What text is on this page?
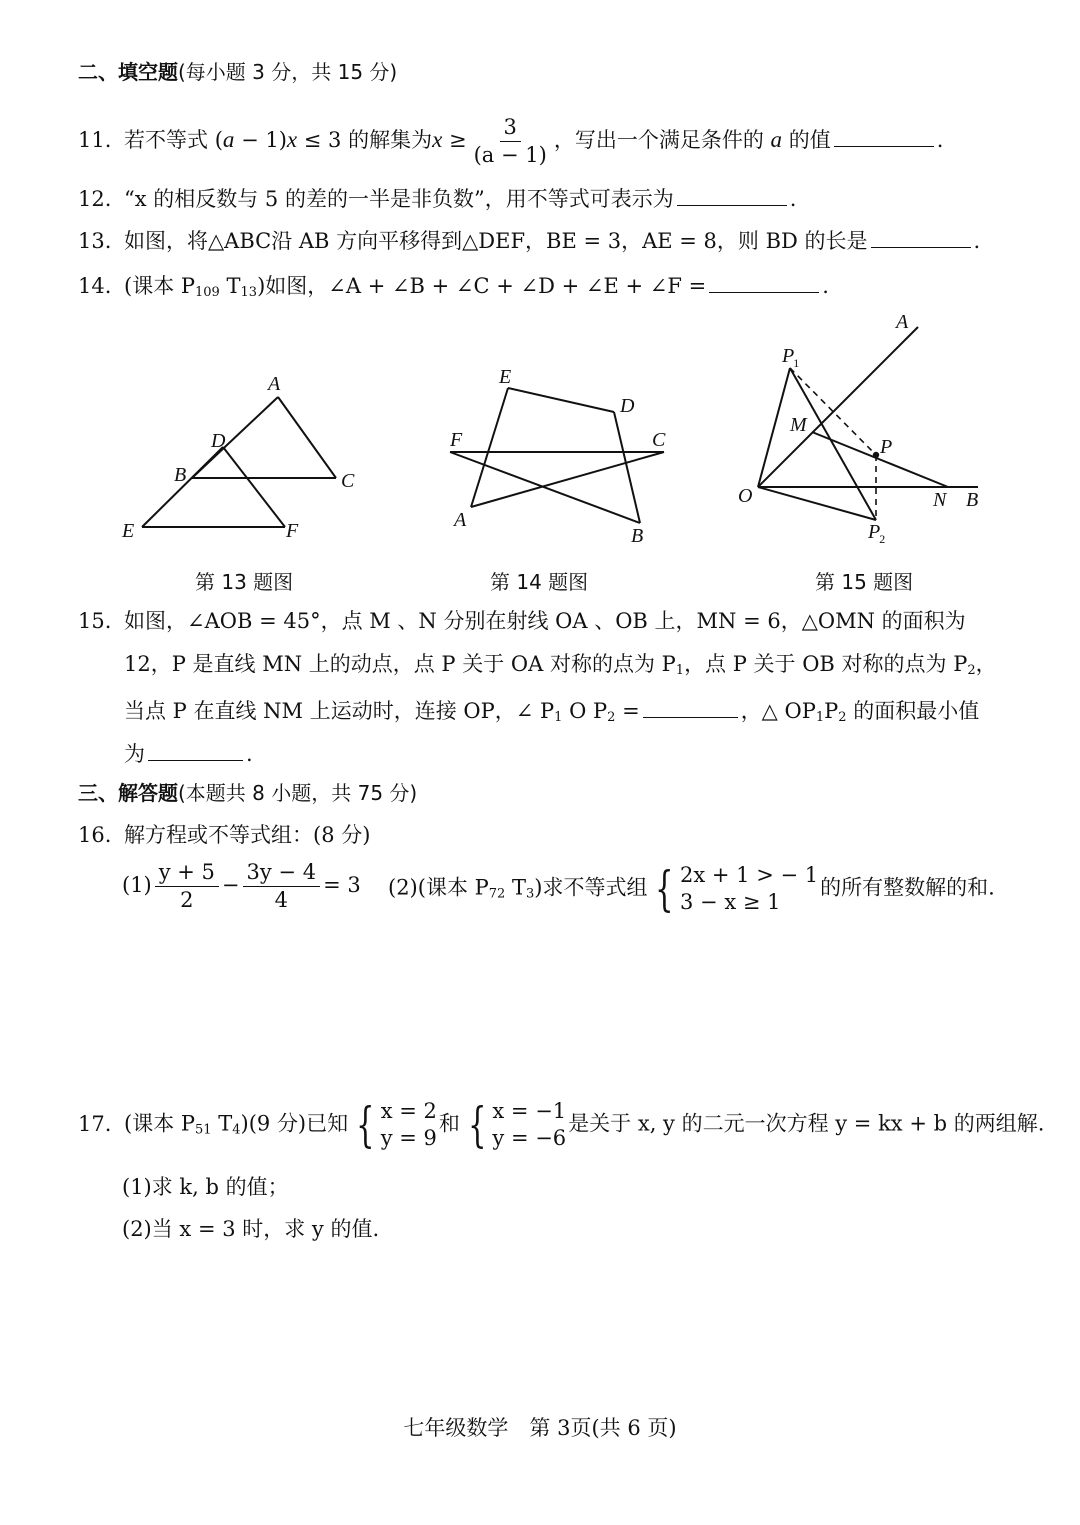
二、填空题(每小题 3 分，共 15 分)
11. 若不等式 (a − 1)x ≤ 3 的解集为$x \ge \frac{3}{(a - 1)}$ ，写出一个满足条件的 a 的值	.
12. “x 的相反数与 5 的差的一半是非负数”，用不等式可表示为	.
13. 如图，将△ABC沿 AB 方向平移得到△DEF，BE = 3，AE = 8，则 BD 的长是	.
14. (课本 $P_{109}$ $T_{13}$)如图，∠A + ∠B + ∠C + ∠D + ∠E + ∠F =	.
A
D
B	C
E	F
第 13 题图
E
D
F	C
A
B
第 14 题图
A
P1
M
P
O	N B
P2
第 15 题图
15. 如图，∠AOB = 45°，点 M 、N 分别在射线 OA 、OB 上，MN = 6，△OMN 的面积为
12，P 是直线 MN 上的动点，点 P 关于 OA 对称的点为 $P_1$，点 P 关于 OB 对称的点为 $P_2$，
当点 P 在直线 NM 上运动时，连接 OP，∠ $P_1$ O $P_2$ =	，△ $OP_1P_2$ 的面积最小值
为	.
三、解答题(本题共 8 小题，共 75 分)
16. 解方程或不等式组：(8 分)
$(1) \frac{y + 5}{2} - \frac{3y - 4}{4} = 3$ (2)(课本 $P_{72}$ $T_3$)求不等式组 { 2x + 1 > − 1
3 − x ≥ 1
的所有整数解的和.
17. (课本 $P_{51}$ $T_4)(9$ 分)已知 { x = 2
y = 9
和 { x = −1
y = −6
是关于 x, y 的二元一次方程 y = kx + b 的两组解.
(1)求 k, b 的值；
(2)当 x = 3 时，求 y 的值.
七年级数学　第 3页(共 6 页)
